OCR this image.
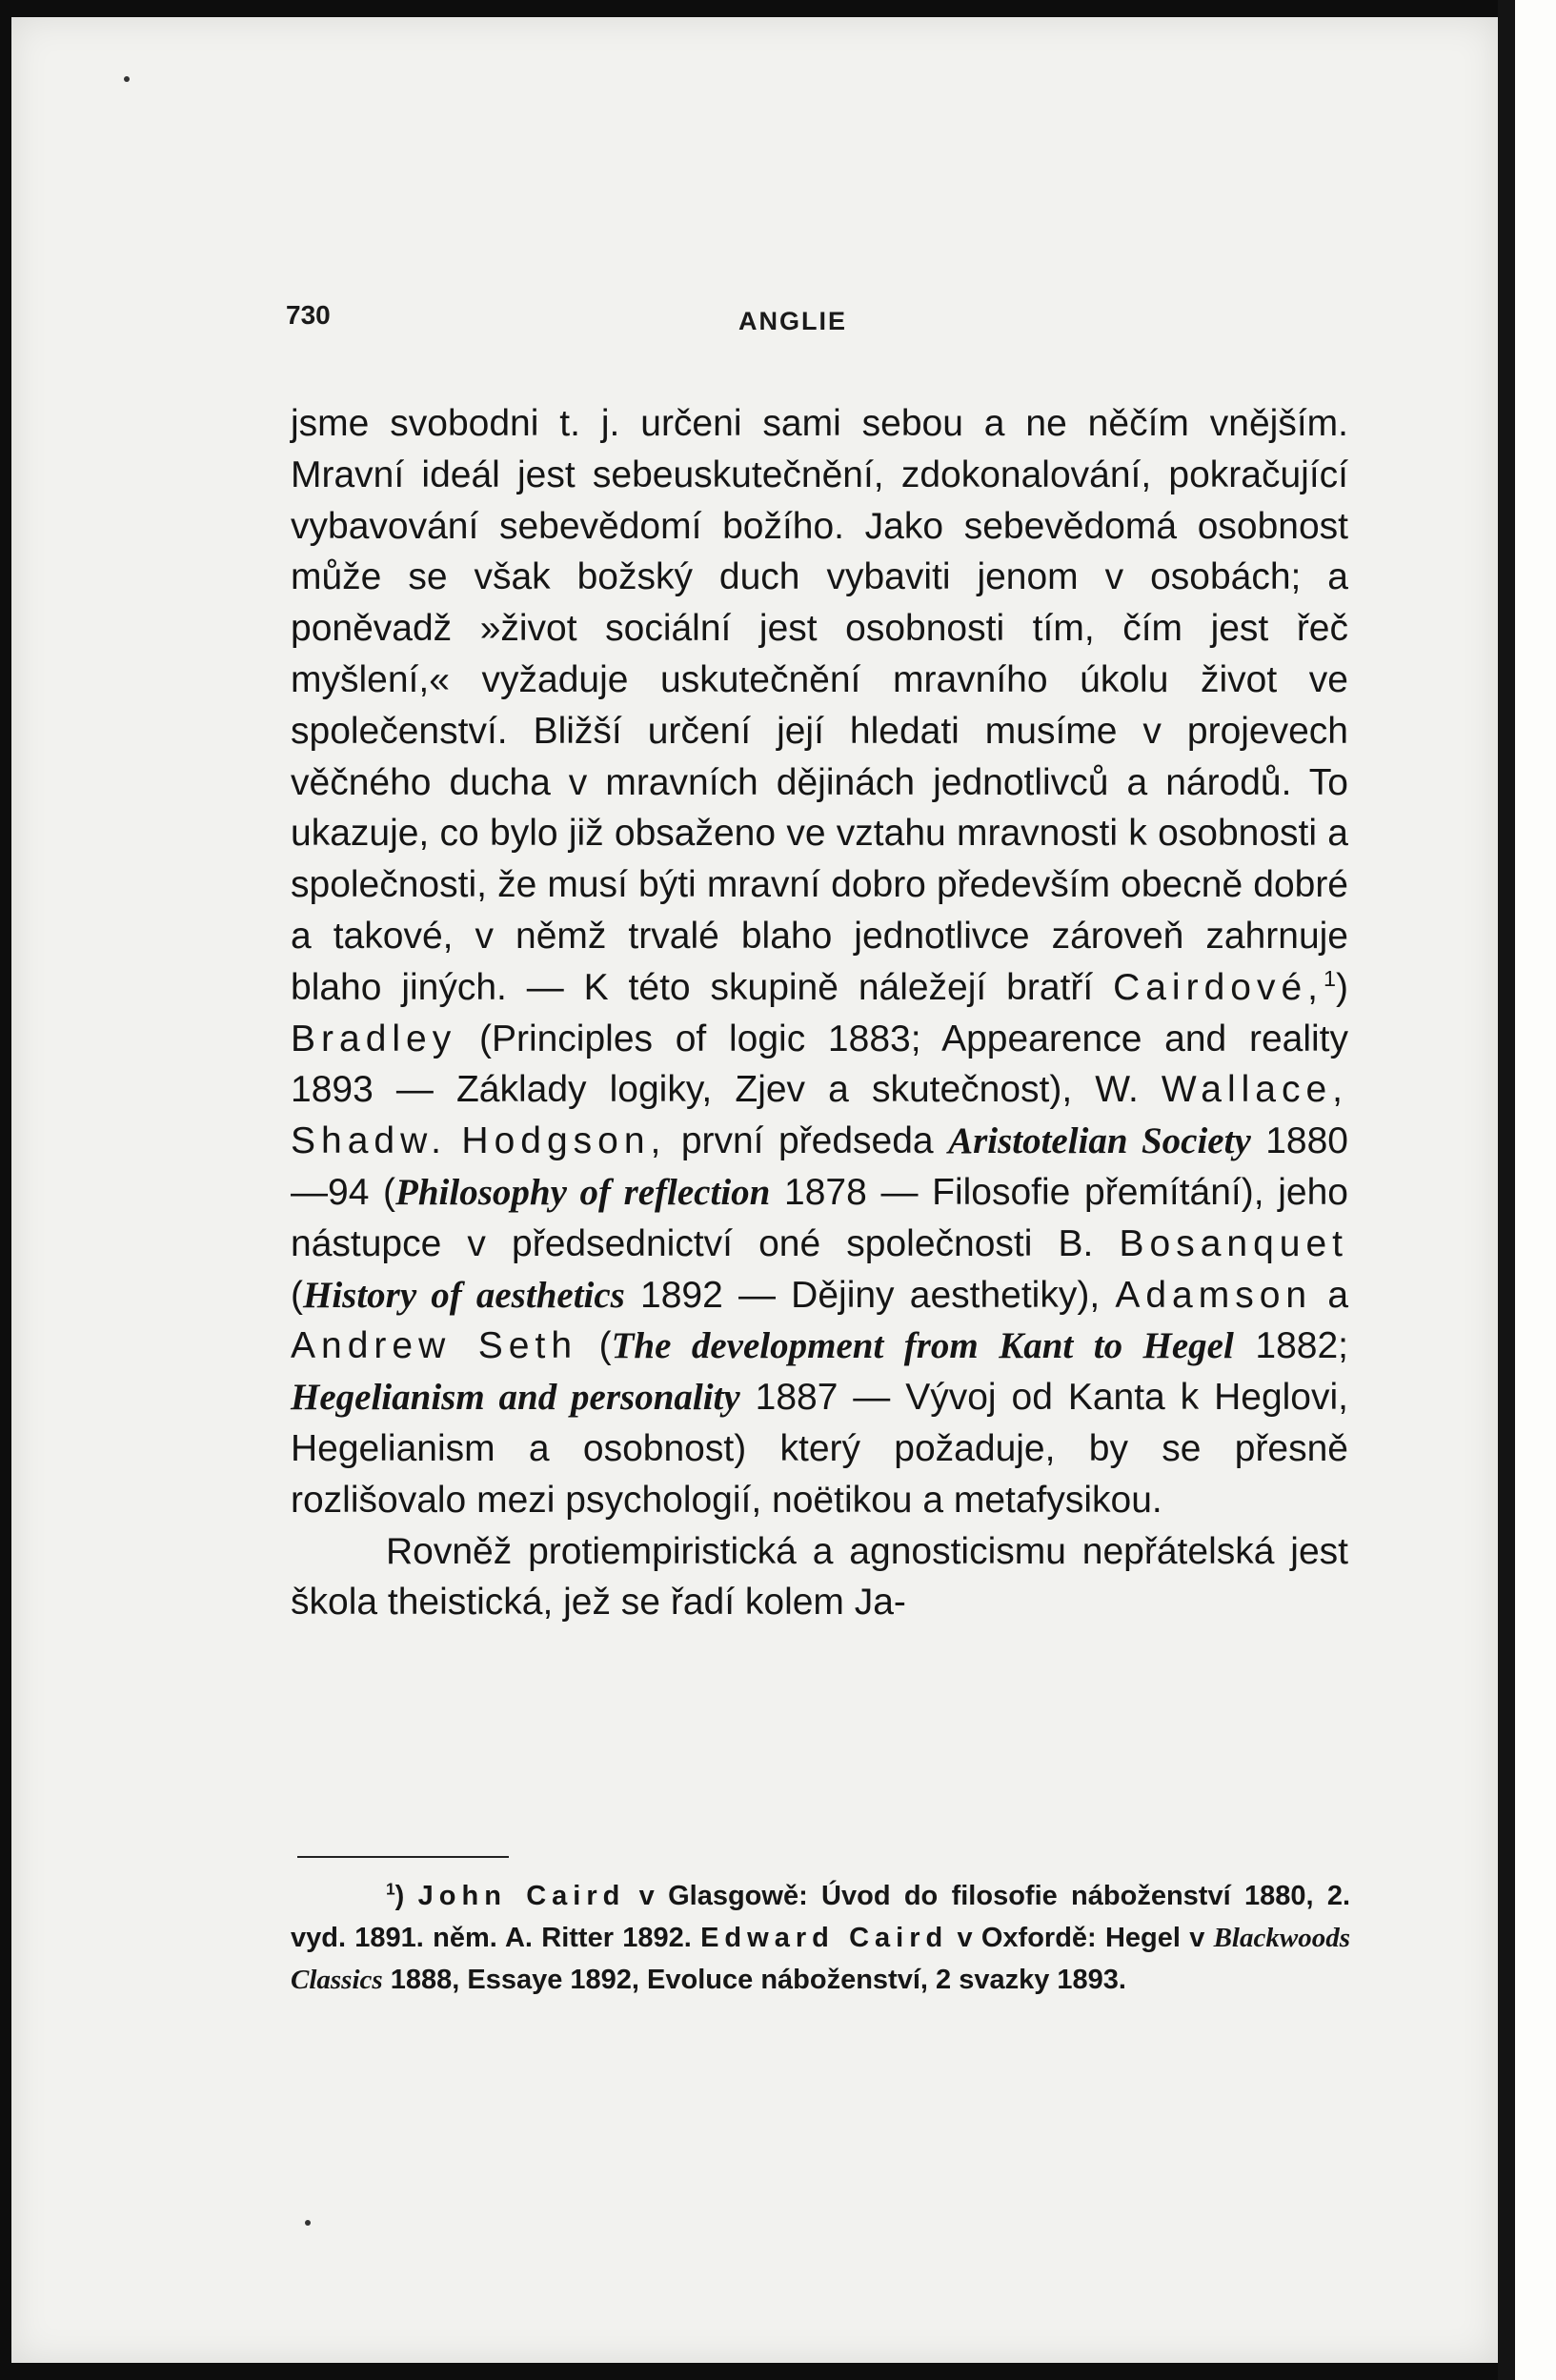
730	ANGLIE

jsme svobodni t. j. určeni sami sebou a ne něčím vnějším. Mravní ideál jest sebeuskutečnění, zdokonalování, pokračující vybavování sebevědomí božího. Jako sebevědomá osobnost může se však božský duch vybaviti jenom v osobách; a poněvadž »život sociální jest osobnosti tím, čím jest řeč myšlení,« vyžaduje uskutečnění mravního úkolu život ve společenství. Bližší určení její hledati musíme v projevech věčného ducha v mravních dějinách jednotlivců a národů. To ukazuje, co bylo již obsaženo ve vztahu mravnosti k osobnosti a společnosti, že musí býti mravní dobro především obecně dobré a takové, v němž trvalé blaho jednotlivce zároveň zahrnuje blaho jiných. — K této skupině náležejí bratří Cairdové,$^1$) Bradley (Principles of logic 1883; Appearence and reality 1893 — Základy logiky, Zjev a skutečnost), W. Wallace, Shadw. Hodgson, první předseda Aristotelian Society 1880—94 (Philosophy of reflection 1878 — Filosofie přemítání), jeho nástupce v předsednictví oné společnosti B. Bosanquet (History of aesthetics 1892 — Dějiny aesthetiky), Adamson a Andrew Seth (The development from Kant to Hegel 1882; Hegelianism and personality 1887 — Vývoj od Kanta k Heglovi, Hegelianism a osobnost) který požaduje, by se přesně rozlišovalo mezi psychologií, noëtikou a metafysikou.

Rovněž protiempiristická a agnosticismu nepřátelská jest škola theistická, jež se řadí kolem Ja-

$^1$) John Caird v Glasgowě: Úvod do filosofie náboženství 1880, 2. vyd. 1891. něm. A. Ritter 1892. Edward Caird v Oxfordě: Hegel v Blackwoods Classics 1888, Essaye 1892, Evoluce náboženství, 2 svazky 1893.
